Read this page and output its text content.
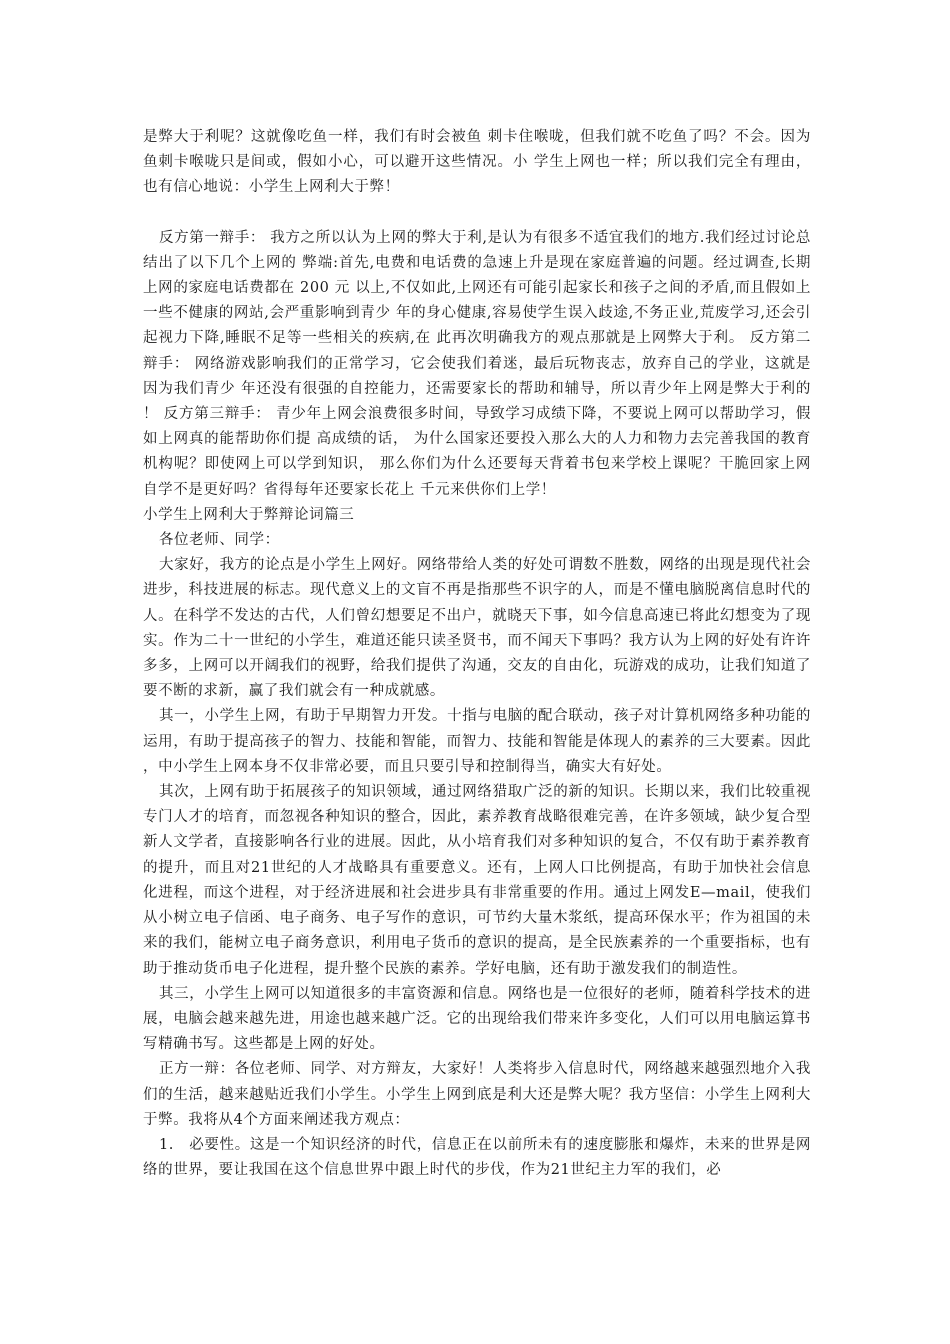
是弊大于利呢？这就像吃鱼一样，我们有时会被鱼 刺卡住喉咙，但我们就不吃鱼了吗？不会。因为鱼刺卡喉咙只是间或，假如小心，可以避开这些情况。小 学生上网也一样；所以我们完全有理由，也有信心地说：小学生上网利大于弊！

反方第一辩手： 我方之所以认为上网的弊大于利,是认为有很多不适宜我们的地方.我们经过讨论总结出了以下几个上网的 弊端:首先,电费和电话费的急速上升是现在家庭普遍的问题。经过调查,长期上网的家庭电话费都在 200 元 以上,不仅如此,上网还有可能引起家长和孩子之间的矛盾,而且假如上一些不健康的网站,会严重影响到青少 年的身心健康,容易使学生误入歧途,不务正业,荒废学习,还会引起视力下降,睡眠不足等一些相关的疾病,在 此再次明确我方的观点那就是上网弊大于利。 反方第二辩手： 网络游戏影响我们的正常学习，它会使我们着迷，最后玩物丧志，放弃自己的学业，这就是因为我们青少 年还没有很强的自控能力，还需要家长的帮助和辅导，所以青少年上网是弊大于利的！ 反方第三辩手： 青少年上网会浪费很多时间，导致学习成绩下降，不要说上网可以帮助学习，假如上网真的能帮助你们提 高成绩的话， 为什么国家还要投入那么大的人力和物力去完善我国的教育机构呢？即使网上可以学到知识， 那么你们为什么还要每天背着书包来学校上课呢？干脆回家上网自学不是更好吗？省得每年还要家长花上 千元来供你们上学！

小学生上网利大于弊辩论词篇三

各位老师、同学：

大家好，我方的论点是小学生上网好。网络带给人类的好处可谓数不胜数，网络的出现是现代社会进步，科技进展的标志。现代意义上的文盲不再是指那些不识字的人，而是不懂电脑脱离信息时代的人。在科学不发达的古代，人们曾幻想要足不出户，就晓天下事，如今信息高速已将此幻想变为了现实。作为二十一世纪的小学生，难道还能只读圣贤书，而不闻天下事吗？我方认为上网的好处有许许多多，上网可以开阔我们的视野，给我们提供了沟通，交友的自由化，玩游戏的成功，让我们知道了要不断的求新，赢了我们就会有一种成就感。

其一，小学生上网，有助于早期智力开发。十指与电脑的配合联动，孩子对计算机网络多种功能的运用，有助于提高孩子的智力、技能和智能，而智力、技能和智能是体现人的素养的三大要素。因此，中小学生上网本身不仅非常必要，而且只要引导和控制得当，确实大有好处。

其次，上网有助于拓展孩子的知识领域，通过网络猎取广泛的新的知识。长期以来，我们比较重视专门人才的培育，而忽视各种知识的整合，因此，素养教育战略很难完善，在许多领域，缺少复合型新人文学者，直接影响各行业的进展。因此，从小培育我们对多种知识的复合，不仅有助于素养教育的提升，而且对21世纪的人才战略具有重要意义。还有，上网人口比例提高，有助于加快社会信息化进程，而这个进程，对于经济进展和社会进步具有非常重要的作用。通过上网发E—mail，使我们从小树立电子信函、电子商务、电子写作的意识，可节约大量木浆纸，提高环保水平；作为祖国的未来的我们，能树立电子商务意识，利用电子货币的意识的提高，是全民族素养的一个重要指标，也有助于推动货币电子化进程，提升整个民族的素养。学好电脑，还有助于激发我们的制造性。

其三，小学生上网可以知道很多的丰富资源和信息。网络也是一位很好的老师，随着科学技术的进展，电脑会越来越先进，用途也越来越广泛。它的出现给我们带来许多变化，人们可以用电脑运算书写精确书写。这些都是上网的好处。

正方一辩：各位老师、同学、对方辩友，大家好！人类将步入信息时代，网络越来越强烈地介入我们的生活，越来越贴近我们小学生。小学生上网到底是利大还是弊大呢？我方坚信：小学生上网利大于弊。我将从4个方面来阐述我方观点：

1.　必要性。这是一个知识经济的时代，信息正在以前所未有的速度膨胀和爆炸，未来的世界是网络的世界，要让我国在这个信息世界中跟上时代的步伐，作为21世纪主力军的我们，必
